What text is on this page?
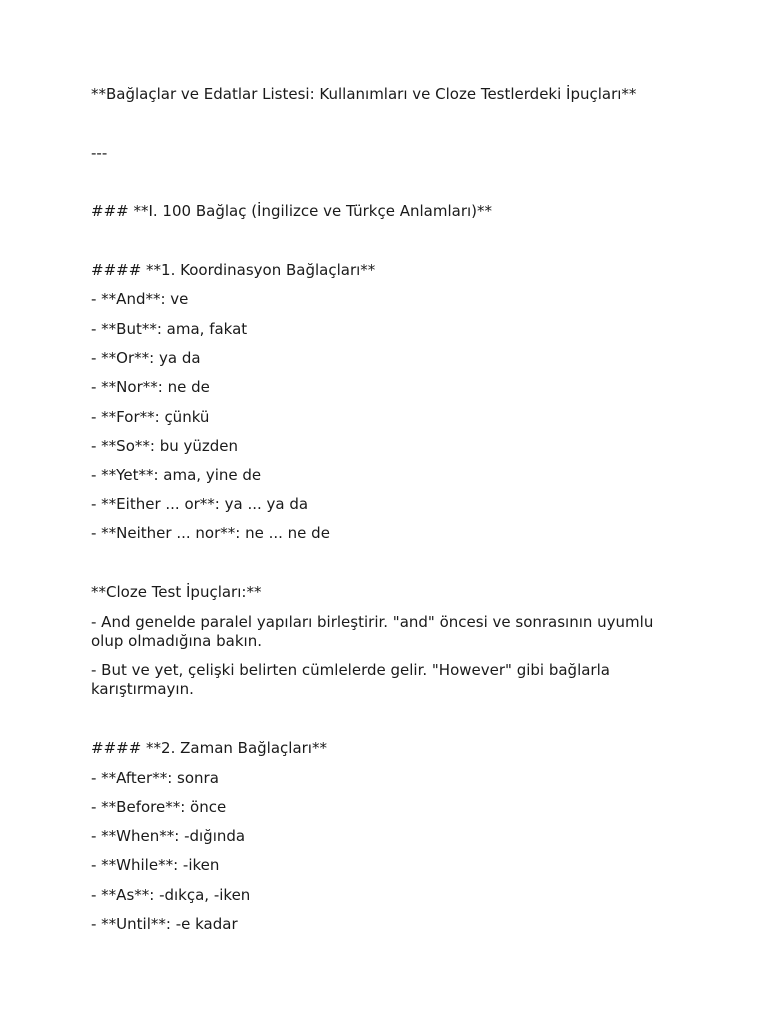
**Bağlaçlar ve Edatlar Listesi: Kullanımları ve Cloze Testlerdeki İpuçları**
---
### **I. 100 Bağlaç (İngilizce ve Türkçe Anlamları)**
#### **1. Koordinasyon Bağlaçları**
- **And**: ve
- **But**: ama, fakat
- **Or**: ya da
- **Nor**: ne de
- **For**: çünkü
- **So**: bu yüzden
- **Yet**: ama, yine de
- **Either ... or**: ya ... ya da
- **Neither ... nor**: ne ... ne de
**Cloze Test İpuçları:**
- And genelde paralel yapıları birleştirir. "and" öncesi ve sonrasının uyumlu olup olmadığına bakın.
- But ve yet, çelişki belirten cümlelerde gelir. "However" gibi bağlarla karıştırmayın.
#### **2. Zaman Bağlaçları**
- **After**: sonra
- **Before**: önce
- **When**: -dığında
- **While**: -iken
- **As**: -dıkça, -iken
- **Until**: -e kadar
